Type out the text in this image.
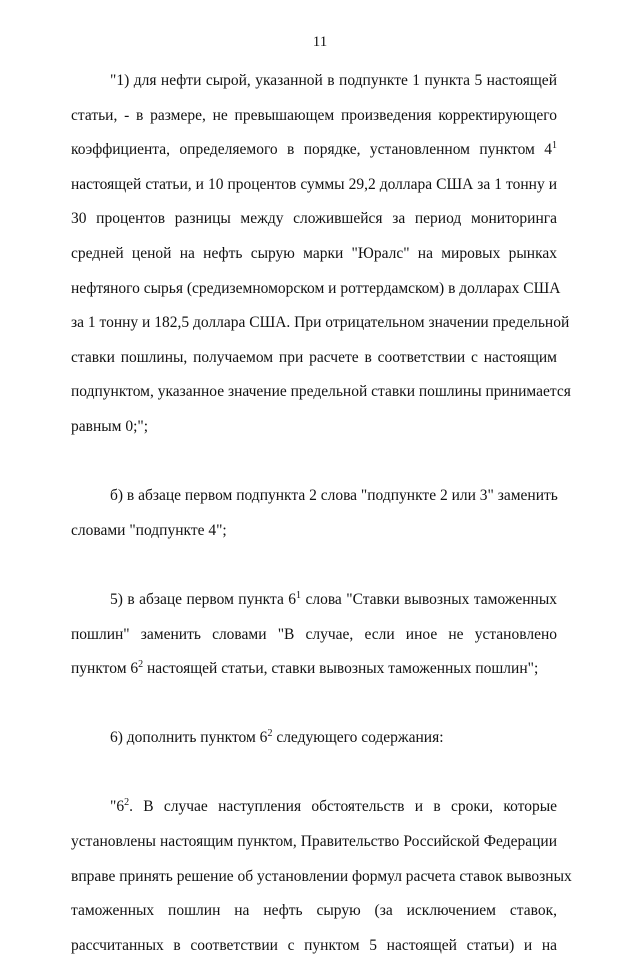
11
"1) для нефти сырой, указанной в подпункте 1 пункта 5 настоящей
статьи, - в размере, не превышающем произведения корректирующего
коэффициента, определяемого в порядке, установленном пунктом $4^1$
настоящей статьи, и 10 процентов суммы 29,2 доллара США за 1 тонну и
30 процентов разницы между сложившейся за период мониторинга
средней ценой на нефть сырую марки "Юралс" на мировых рынках
нефтяного сырья (средиземноморском и роттердамском) в долларах США
за 1 тонну и 182,5 доллара США. При отрицательном значении предельной
ставки пошлины, получаемом при расчете в соответствии с настоящим
подпунктом, указанное значение предельной ставки пошлины принимается
равным 0;";
б) в абзаце первом подпункта 2 слова "подпункте 2 или 3" заменить
словами "подпункте 4";
5) в абзаце первом пункта $6^1$ слова "Ставки вывозных таможенных
пошлин" заменить словами "В случае, если иное не установлено
пунктом $6^2$ настоящей статьи, ставки вывозных таможенных пошлин";
6) дополнить пунктом $6^2$ следующего содержания:
"$6^2$. В случае наступления обстоятельств и в сроки, которые
установлены настоящим пунктом, Правительство Российской Федерации
вправе принять решение об установлении формул расчета ставок вывозных
таможенных пошлин на нефть сырую (за исключением ставок,
рассчитанных в соответствии с пунктом 5 настоящей статьи) и на
